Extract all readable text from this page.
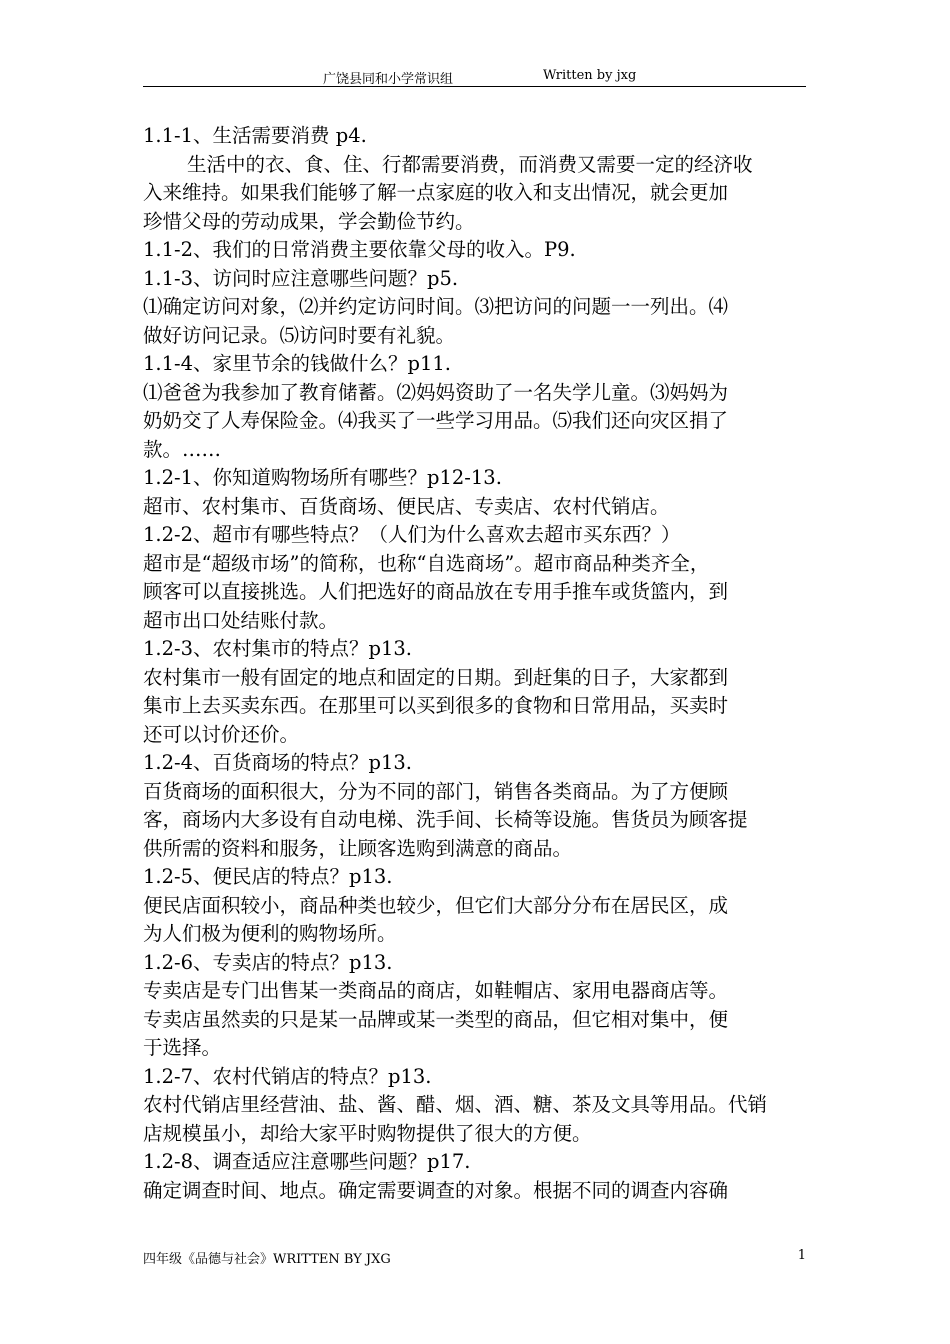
广饶县同和小学常识组	Written by jxg
1.1-1、生活需要消费 p4.
生活中的衣、食、住、行都需要消费，而消费又需要一定的经济收
入来维持。如果我们能够了解一点家庭的收入和支出情况，就会更加
珍惜父母的劳动成果，学会勤俭节约。
1.1-2、我们的日常消费主要依靠父母的收入。P9.
1.1-3、访问时应注意哪些问题？p5.
⑴确定访问对象，⑵并约定访问时间。⑶把访问的问题一一列出。⑷
做好访问记录。⑸访问时要有礼貌。
1.1-4、家里节余的钱做什么？p11.
⑴爸爸为我参加了教育储蓄。⑵妈妈资助了一名失学儿童。⑶妈妈为
奶奶交了人寿保险金。⑷我买了一些学习用品。⑸我们还向灾区捐了
款。……
1.2-1、你知道购物场所有哪些？p12-13.
超市、农村集市、百货商场、便民店、专卖店、农村代销店。
1.2-2、超市有哪些特点？（人们为什么喜欢去超市买东西？）
超市是“超级市场”的简称，也称“自选商场”。超市商品种类齐全，
顾客可以直接挑选。人们把选好的商品放在专用手推车或货篮内，到
超市出口处结账付款。
1.2-3、农村集市的特点？p13.
农村集市一般有固定的地点和固定的日期。到赶集的日子，大家都到
集市上去买卖东西。在那里可以买到很多的食物和日常用品，买卖时
还可以讨价还价。
1.2-4、百货商场的特点？p13.
百货商场的面积很大，分为不同的部门，销售各类商品。为了方便顾
客，商场内大多设有自动电梯、洗手间、长椅等设施。售货员为顾客提
供所需的资料和服务，让顾客选购到满意的商品。
1.2-5、便民店的特点？p13.
便民店面积较小，商品种类也较少，但它们大部分分布在居民区，成
为人们极为便利的购物场所。
1.2-6、专卖店的特点？p13.
专卖店是专门出售某一类商品的商店，如鞋帽店、家用电器商店等。
专卖店虽然卖的只是某一品牌或某一类型的商品，但它相对集中，便
于选择。
1.2-7、农村代销店的特点？p13.
农村代销店里经营油、盐、酱、醋、烟、酒、糖、茶及文具等用品。代销
店规模虽小，却给大家平时购物提供了很大的方便。
1.2-8、调查适应注意哪些问题？p17.
确定调查时间、地点。确定需要调查的对象。根据不同的调查内容确
四年级《品德与社会》WRITTEN BY JXG	1
